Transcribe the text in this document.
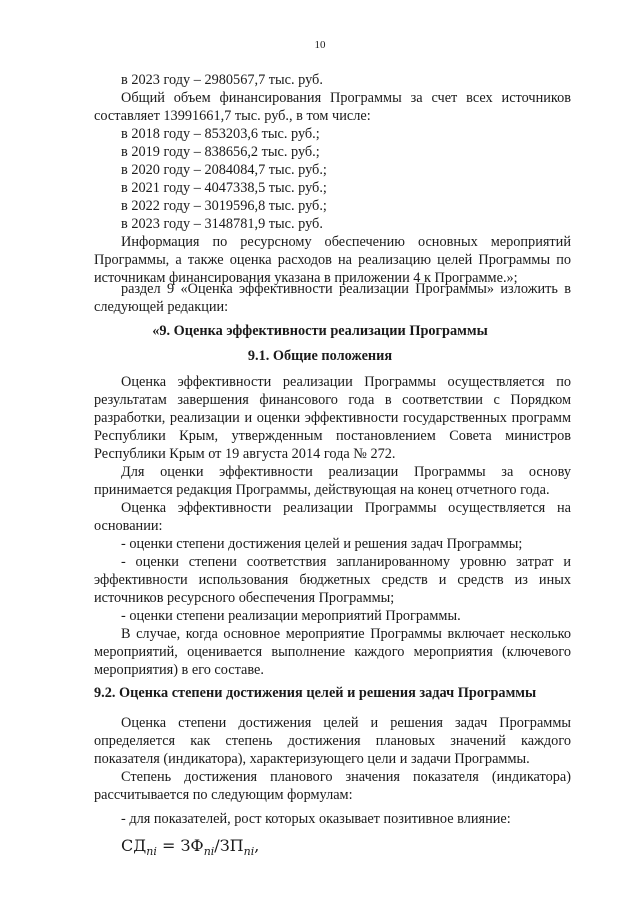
10

в 2023 году – 2980567,7 тыс. руб.

Общий объем финансирования Программы за счет всех источников

составляет 13991661,7 тыс. руб., в том числе:

в 2018 году – 853203,6 тыс. руб.;

в 2019 году – 838656,2 тыс. руб.;

в 2020 году – 2084084,7 тыс. руб.;

в 2021 году – 4047338,5 тыс. руб.;

в 2022 году – 3019596,8 тыс. руб.;

в 2023 году – 3148781,9 тыс. руб.

Информация по ресурсному обеспечению основных мероприятий

Программы, а также оценка расходов на реализацию целей Программы по

источникам финансирования указана в приложении 4 к Программе.»;

раздел 9 «Оценка эффективности реализации Программы» изложить в

следующей редакции:

«9. Оценка эффективности реализации Программы

9.1. Общие положения

Оценка эффективности реализации Программы осуществляется по

результатам завершения финансового года в соответствии с Порядком

разработки, реализации и оценки эффективности государственных программ

Республики Крым, утвержденным постановлением Совета министров

Республики Крым от 19 августа 2014 года № 272.

Для оценки эффективности реализации Программы за основу

принимается редакция Программы, действующая на конец отчетного года.

Оценка эффективности реализации Программы осуществляется на

основании:

- оценки степени достижения целей и решения задач Программы;

- оценки степени соответствия запланированному уровню затрат и

эффективности использования бюджетных средств и средств из иных

источников ресурсного обеспечения Программы;

- оценки степени реализации мероприятий Программы.

В случае, когда основное мероприятие Программы включает несколько

мероприятий, оценивается выполнение каждого мероприятия (ключевого

мероприятия) в его составе.

9.2. Оценка степени достижения целей и решения задач Программы

Оценка степени достижения целей и решения задач Программы

определяется как степень достижения плановых значений каждого

показателя (индикатора), характеризующего цели и задачи Программы.

Степень достижения планового значения показателя (индикатора)

рассчитывается по следующим формулам:

- для показателей, рост которых оказывает позитивное влияние:

$СД_{пi} = ЗФ_{пi}/ЗП_{пi}$,
